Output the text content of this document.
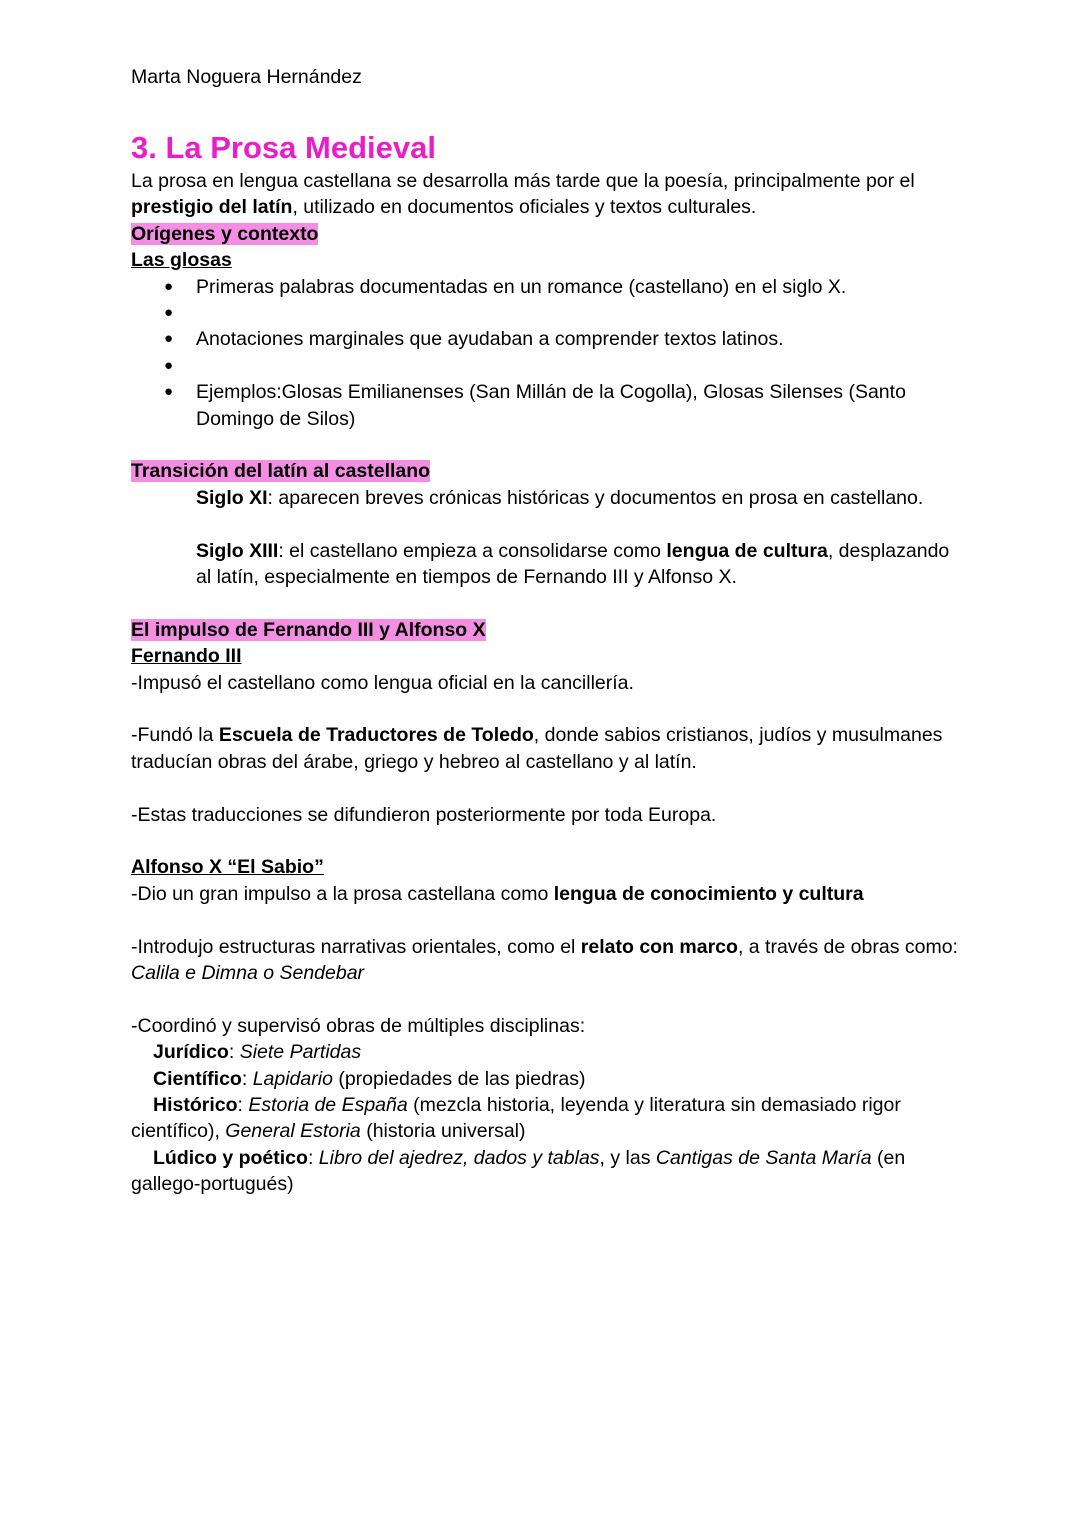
Marta Noguera Hernández
3. La Prosa Medieval

La prosa en lengua castellana se desarrolla más tarde que la poesía, principalmente por el prestigio del latín, utilizado en documentos oficiales y textos culturales.

Orígenes y contexto

Las glosas

● Primeras palabras documentadas en un romance (castellano) en el siglo X.
●
● Anotaciones marginales que ayudaban a comprender textos latinos.
●
● Ejemplos:Glosas Emilianenses (San Millán de la Cogolla), Glosas Silenses (Santo Domingo de Silos)

Transición del latín al castellano

Siglo XI: aparecen breves crónicas históricas y documentos en prosa en castellano.

Siglo XIII: el castellano empieza a consolidarse como lengua de cultura, desplazando al latín, especialmente en tiempos de Fernando III y Alfonso X.

El impulso de Fernando III y Alfonso X

Fernando III

-Impusó el castellano como lengua oficial en la cancillería.

-Fundó la Escuela de Traductores de Toledo, donde sabios cristianos, judíos y musulmanes traducían obras del árabe, griego y hebreo al castellano y al latín.

-Estas traducciones se difundieron posteriormente por toda Europa.

Alfonso X “El Sabio”

-Dio un gran impulso a la prosa castellana como lengua de conocimiento y cultura

-Introdujo estructuras narrativas orientales, como el relato con marco, a través de obras como: Calila e Dimna o Sendebar

-Coordinó y supervisó obras de múltiples disciplinas:

Jurídico: Siete Partidas

Científico: Lapidario (propiedades de las piedras)

Histórico: Estoria de España (mezcla historia, leyenda y literatura sin demasiado rigor científico), General Estoria (historia universal)

Lúdico y poético: Libro del ajedrez, dados y tablas, y las Cantigas de Santa María (en gallego-portugués)
